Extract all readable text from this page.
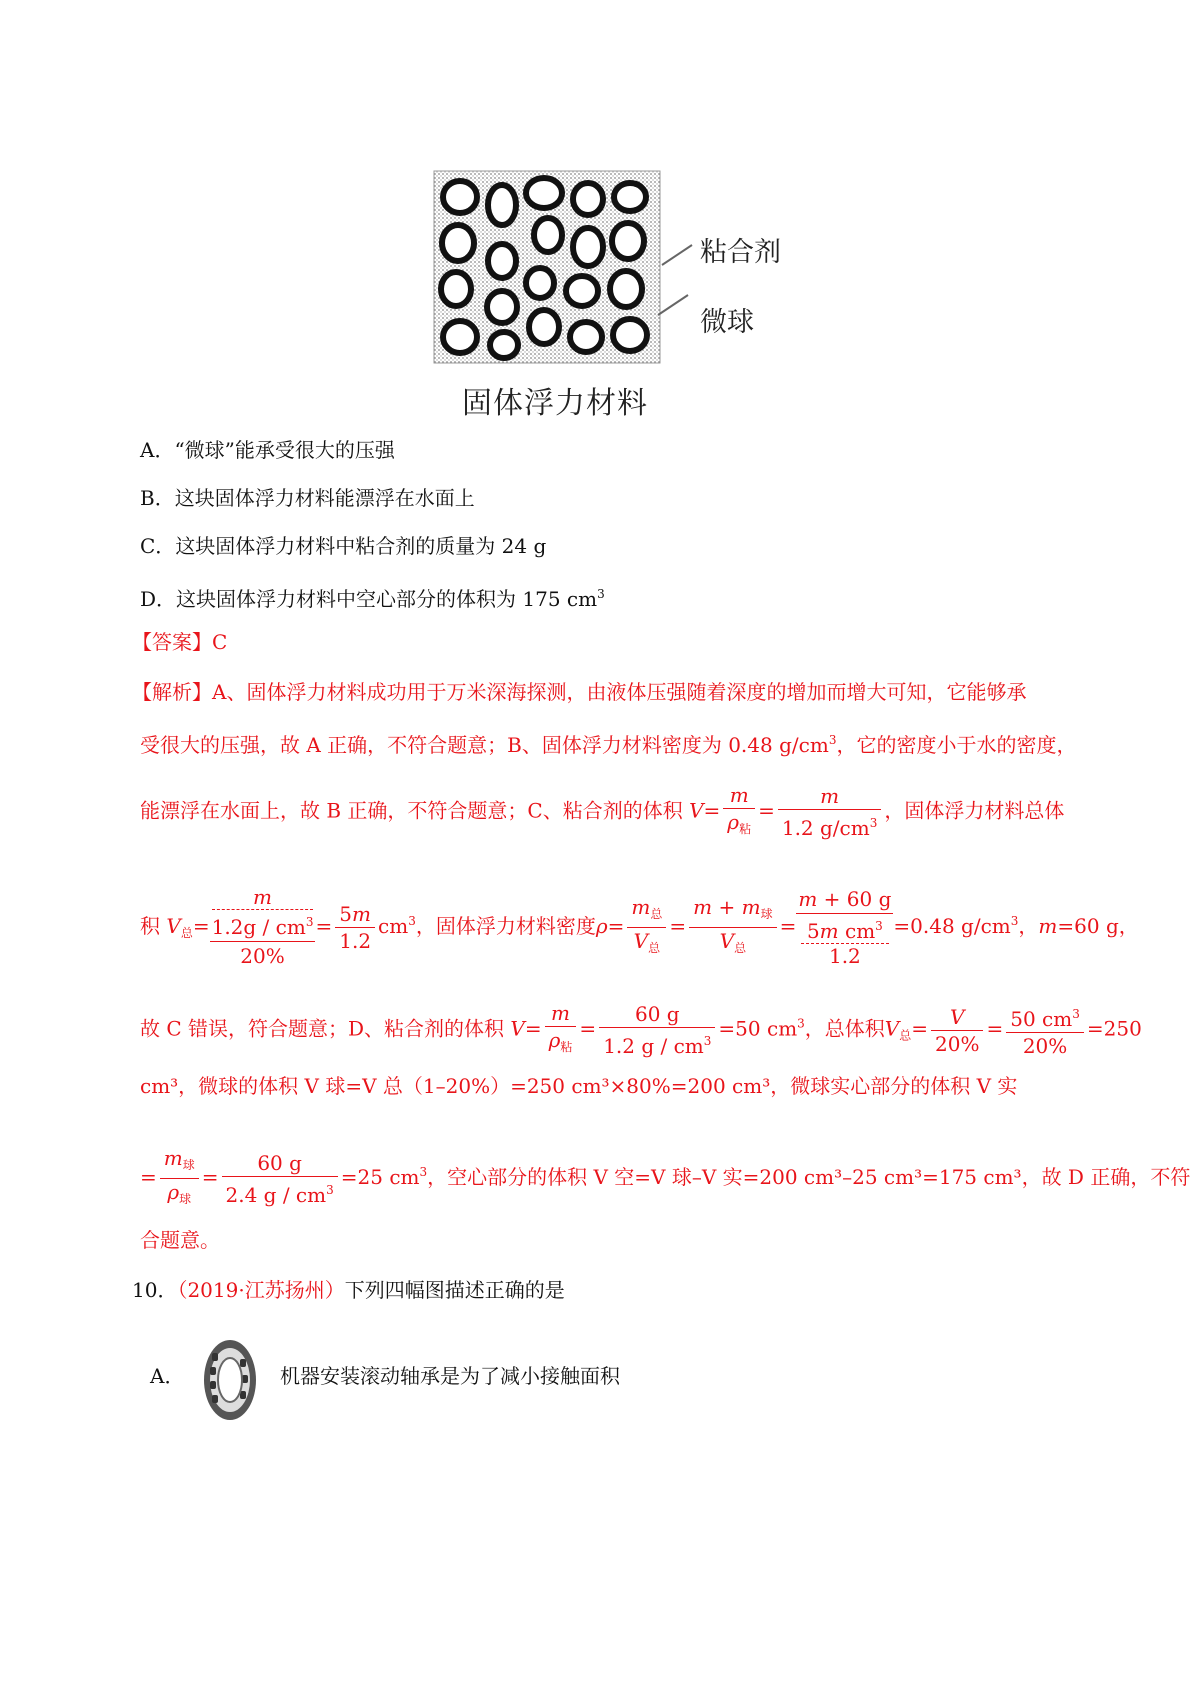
粘合剂
微球
固体浮力材料
A．“微球”能承受很大的压强
B．这块固体浮力材料能漂浮在水面上
C．这块固体浮力材料中粘合剂的质量为 24 g
D．这块固体浮力材料中空心部分的体积为 175 $cm^3$
【答案】C
【解析】A、固体浮力材料成功用于万米深海探测，由液体压强随着深度的增加而增大可知，它能够承
受很大的压强，故 A 正确，不符合题意；B、固体浮力材料密度为 0.48 $g/cm^3$，它的密度小于水的密度，
能漂浮在水面上，故 B 正确，不符合题意；C、粘合剂的体积 $V= \frac{m}{\rho_粘} = \frac{m}{1.2 g/cm^3}$ ，固体浮力材料总体
积 $V_总= \frac{\frac{m}{1.2g / cm^3}}{20\%}= \frac{5m}{1.2} cm^3$，固体浮力材料密度$\rho= \frac{m_总}{V_总} = \frac{m + m_球}{V_总} = \frac{m + 60 g}{\frac{5m cm^3}{1.2}} =0.48$ $g/cm^3$，m=60 g，
故 C 错误，符合题意；D、粘合剂的体积 $V= \frac{m}{\rho_粘} = \frac{60 g}{1.2 g / cm^3} =50$ $cm^3$，总体积$V_总= \frac{V}{20\%} = \frac{50 cm^3}{20\%} =250$
cm³，微球的体积 V 球=V 总（1–20%）=250 cm³×80%=200 cm³，微球实心部分的体积 V 实
= $\frac{m_球}{\rho_球} = \frac{60 g}{2.4 g / cm^3} =25$ $cm^3$，空心部分的体积 V 空=V 球–V 实=200 cm³–25 cm³=175 cm³，故 D 正确，不符
合题意。
10．（2019·江苏扬州）下列四幅图描述正确的是
A．	机器安装滚动轴承是为了减小接触面积
